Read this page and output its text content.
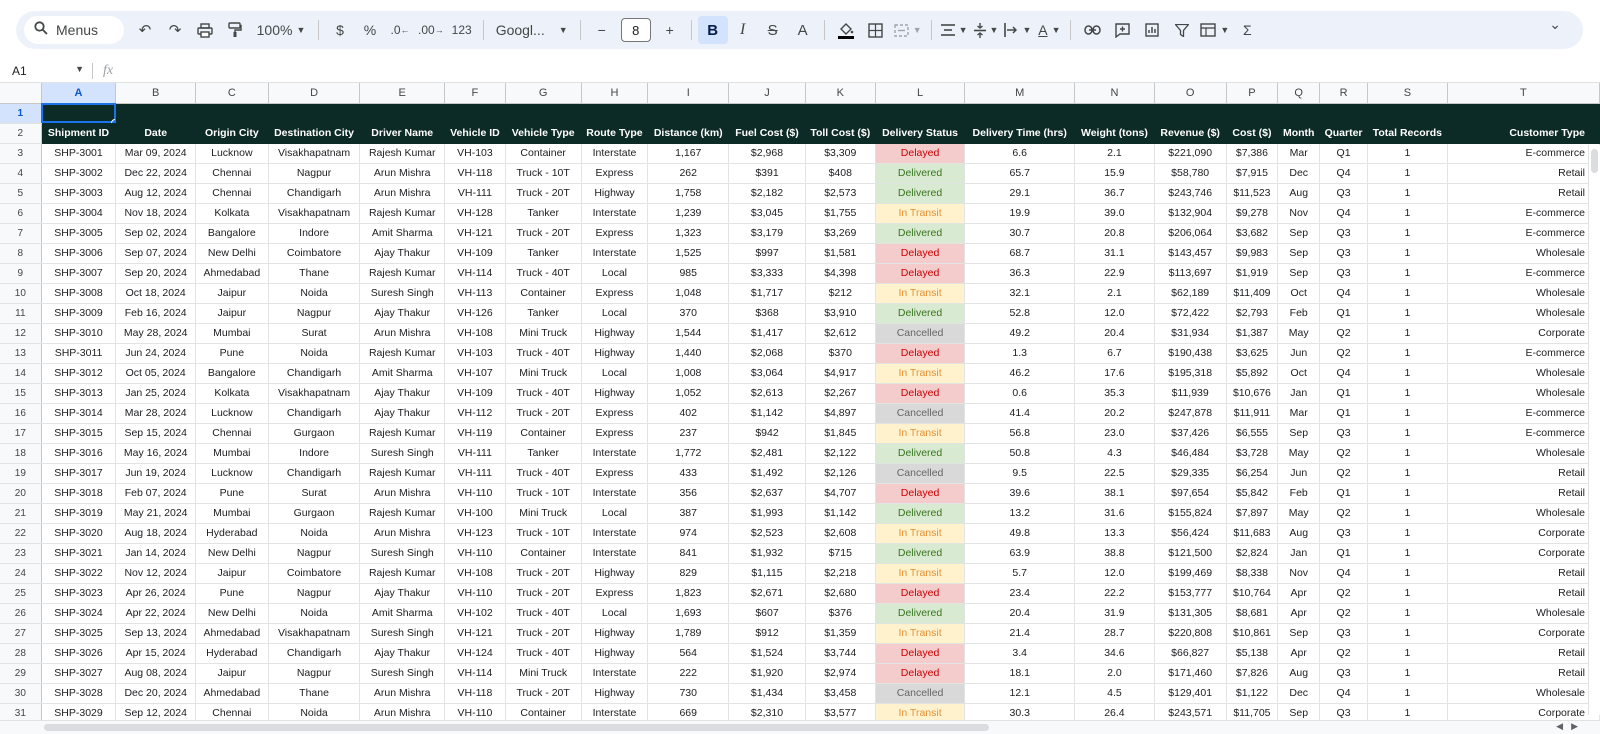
Menus	↶	↷	100% ▼	$	%	.0 ← .00 → 123	Googl... ▼	−	8	+	B	I S A	▼	▼ ▼	▼ A ▼	▼ Σ	⌄
A1	▼ fx
	A	B	C	D	E	F	G	H	I	J	K	L	M	N	O	P	Q	R	S	T
1	

2	Shipment ID	Date	Origin City	Destination City	Driver Name	Vehicle ID	Vehicle Type	Route Type	Distance (km)	Fuel Cost ($)	Toll Cost ($)	Delivery Status	Delivery Time (hrs)	Weight (tons)	Revenue ($)	Cost ($)	Month	Quarter	Total Records	Customer Type
3	SHP-3001	Mar 09, 2024	Lucknow	Visakhapatnam	Rajesh Kumar	VH-103	Container	Interstate	1,167	$2,968	$3,309	Delayed	6.6	2.1	$221,090	$7,386	Mar	Q1	1	E-commerce
4	SHP-3002	Dec 22, 2024	Chennai	Nagpur	Arun Mishra	VH-118	Truck - 10T	Express	262	$391	$408	Delivered	65.7	15.9	$58,780	$7,915	Dec	Q4	1	Retail
5	SHP-3003	Aug 12, 2024	Chennai	Chandigarh	Arun Mishra	VH-111	Truck - 20T	Highway	1,758	$2,182	$2,573	Delivered	29.1	36.7	$243,746	$11,523	Aug	Q3	1	Retail
6	SHP-3004	Nov 18, 2024	Kolkata	Visakhapatnam	Rajesh Kumar	VH-128	Tanker	Interstate	1,239	$3,045	$1,755	In Transit	19.9	39.0	$132,904	$9,278	Nov	Q4	1	E-commerce
7	SHP-3005	Sep 02, 2024	Bangalore	Indore	Amit Sharma	VH-121	Truck - 20T	Express	1,323	$3,179	$3,269	Delivered	30.7	20.8	$206,064	$3,682	Sep	Q3	1	E-commerce
8	SHP-3006	Sep 07, 2024	New Delhi	Coimbatore	Ajay Thakur	VH-109	Tanker	Interstate	1,525	$997	$1,581	Delayed	68.7	31.1	$143,457	$9,983	Sep	Q3	1	Wholesale
9	SHP-3007	Sep 20, 2024	Ahmedabad	Thane	Rajesh Kumar	VH-114	Truck - 40T	Local	985	$3,333	$4,398	Delayed	36.3	22.9	$113,697	$1,919	Sep	Q3	1	E-commerce
10	SHP-3008	Oct 18, 2024	Jaipur	Noida	Suresh Singh	VH-113	Container	Express	1,048	$1,717	$212	In Transit	32.1	2.1	$62,189	$11,409	Oct	Q4	1	Wholesale
11	SHP-3009	Feb 16, 2024	Jaipur	Nagpur	Ajay Thakur	VH-126	Tanker	Local	370	$368	$3,910	Delivered	52.8	12.0	$72,422	$2,793	Feb	Q1	1	Wholesale
12	SHP-3010	May 28, 2024	Mumbai	Surat	Arun Mishra	VH-108	Mini Truck	Highway	1,544	$1,417	$2,612	Cancelled	49.2	20.4	$31,934	$1,387	May	Q2	1	Corporate
13	SHP-3011	Jun 24, 2024	Pune	Noida	Rajesh Kumar	VH-103	Truck - 40T	Highway	1,440	$2,068	$370	Delayed	1.3	6.7	$190,438	$3,625	Jun	Q2	1	E-commerce
14	SHP-3012	Oct 05, 2024	Bangalore	Chandigarh	Amit Sharma	VH-107	Mini Truck	Local	1,008	$3,064	$4,917	In Transit	46.2	17.6	$195,318	$5,892	Oct	Q4	1	Wholesale
15	SHP-3013	Jan 25, 2024	Kolkata	Visakhapatnam	Ajay Thakur	VH-109	Truck - 40T	Highway	1,052	$2,613	$2,267	Delayed	0.6	35.3	$11,939	$10,676	Jan	Q1	1	Wholesale
16	SHP-3014	Mar 28, 2024	Lucknow	Chandigarh	Ajay Thakur	VH-112	Truck - 20T	Express	402	$1,142	$4,897	Cancelled	41.4	20.2	$247,878	$11,911	Mar	Q1	1	E-commerce
17	SHP-3015	Sep 15, 2024	Chennai	Gurgaon	Rajesh Kumar	VH-119	Container	Express	237	$942	$1,845	In Transit	56.8	23.0	$37,426	$6,555	Sep	Q3	1	E-commerce
18	SHP-3016	May 16, 2024	Mumbai	Indore	Suresh Singh	VH-111	Tanker	Interstate	1,772	$2,481	$2,122	Delivered	50.8	4.3	$46,484	$3,728	May	Q2	1	Wholesale
19	SHP-3017	Jun 19, 2024	Lucknow	Chandigarh	Rajesh Kumar	VH-111	Truck - 40T	Express	433	$1,492	$2,126	Cancelled	9.5	22.5	$29,335	$6,254	Jun	Q2	1	Retail
20	SHP-3018	Feb 07, 2024	Pune	Surat	Arun Mishra	VH-110	Truck - 10T	Interstate	356	$2,637	$4,707	Delayed	39.6	38.1	$97,654	$5,842	Feb	Q1	1	Retail
21	SHP-3019	May 21, 2024	Mumbai	Gurgaon	Rajesh Kumar	VH-100	Mini Truck	Local	387	$1,993	$1,142	Delivered	13.2	31.6	$155,824	$7,897	May	Q2	1	Wholesale
22	SHP-3020	Aug 18, 2024	Hyderabad	Noida	Arun Mishra	VH-123	Truck - 10T	Interstate	974	$2,523	$2,608	In Transit	49.8	13.3	$56,424	$11,683	Aug	Q3	1	Corporate
23	SHP-3021	Jan 14, 2024	New Delhi	Nagpur	Suresh Singh	VH-110	Container	Interstate	841	$1,932	$715	Delivered	63.9	38.8	$121,500	$2,824	Jan	Q1	1	Corporate
24	SHP-3022	Nov 12, 2024	Jaipur	Coimbatore	Rajesh Kumar	VH-108	Truck - 20T	Highway	829	$1,115	$2,218	In Transit	5.7	12.0	$199,469	$8,338	Nov	Q4	1	Retail
25	SHP-3023	Apr 26, 2024	Pune	Nagpur	Ajay Thakur	VH-110	Truck - 20T	Express	1,823	$2,671	$2,680	Delayed	23.4	22.2	$153,777	$10,764	Apr	Q2	1	Retail
26	SHP-3024	Apr 22, 2024	New Delhi	Noida	Amit Sharma	VH-102	Truck - 40T	Local	1,693	$607	$376	Delivered	20.4	31.9	$131,305	$8,681	Apr	Q2	1	Wholesale
27	SHP-3025	Sep 13, 2024	Ahmedabad	Visakhapatnam	Suresh Singh	VH-121	Truck - 20T	Highway	1,789	$912	$1,359	In Transit	21.4	28.7	$220,808	$10,861	Sep	Q3	1	Corporate
28	SHP-3026	Apr 15, 2024	Hyderabad	Chandigarh	Ajay Thakur	VH-124	Truck - 40T	Highway	564	$1,524	$3,744	Delayed	3.4	34.6	$66,827	$5,138	Apr	Q2	1	Retail
29	SHP-3027	Aug 08, 2024	Jaipur	Nagpur	Suresh Singh	VH-114	Mini Truck	Interstate	222	$1,920	$2,974	Delayed	18.1	2.0	$171,460	$7,826	Aug	Q3	1	Retail
30	SHP-3028	Dec 20, 2024	Ahmedabad	Thane	Arun Mishra	VH-118	Truck - 20T	Highway	730	$1,434	$3,458	Cancelled	12.1	4.5	$129,401	$1,122	Dec	Q4	1	Wholesale
31	SHP-3029	Sep 12, 2024	Chennai	Noida	Arun Mishra	VH-110	Container	Interstate	669	$2,310	$3,577	In Transit	30.3	26.4	$243,571	$11,705	Sep	Q3	1	Corporate
◀▶
